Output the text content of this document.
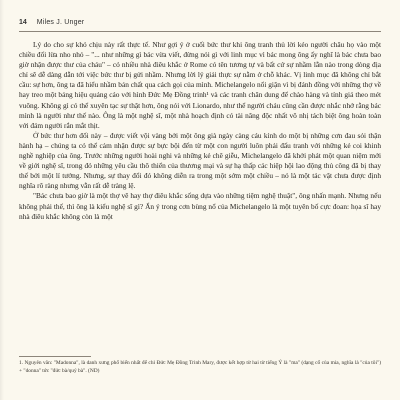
14 Miles J. Unger

Lý do cho sự khó chịu này rất thực tế. Như gợi ý ở cuối bức thư khi ông tranh thủ lời kéo người châu họ vào một chiều đối lừa nho nhỏ – "... như những gì bác vừa viết, đừng nói gì với linh mục vì bác mong ông ấy nghĩ là bác chưa bao giờ nhận được thư của cháu" – có nhiều nhà điêu khắc ở Rome có tên tương tự và bất cứ sự nhầm lẫn nào trong dòng địa chỉ sẽ dễ dàng dẫn tới việc bức thư bị gửi nhầm. Nhưng lời lý giải thực sự nằm ở chỗ khác. Vị linh mục đã không chỉ bắt cầu: sự hơn, ông ta đã hiểu nhầm bản chất qua cách gọi của mình. Michelangelo nổi giận vì bị đánh đồng với những thợ về hay treo một bảng hiệu quảng cáo với hình Đức Mẹ Đồng trinh¹ và các tranh chân dung để chào hàng và tính giá theo mét vuông. Không gì có thể xuyên tạc sự thật hơn, ông nói với Lionardo, như thể người cháu cũng cần được nhắc nhớ rằng bác mình là người như thế nào. Ông là một nghệ sĩ, một nhà hoạch định có tài năng độc nhất vô nhị tách biệt ông hoàn toàn với đám người rắn mắt thịt.

Ở bức thư hơn đối này – được viết vội vàng bởi một ông già ngày càng cáu kỉnh do một bị những cơn đau sỏi thận hành hạ – chúng ta có thể cảm nhận được sự bực bội đến từ một con người luôn phải đấu tranh với những kẻ coi khinh nghề nghiệp của ông. Trước những người hoài nghi và những kẻ chê giễu, Michelangelo đã khởi phát một quan niệm mới về giới nghệ sĩ, trong đó những yêu cầu thô thiển của thương mại và sự hạ thấp các hiệp hội lao động thủ công đã bị thay thế bởi một lí tưởng. Nhưng, sự thay đổi đó không diễn ra trong một sớm một chiều – nó là một tác vật chưa được định nghĩa rõ ràng nhưng vẫn rất dễ tràng lệ.

"Bác chưa bao giờ là một thợ vẽ hay thợ điêu khắc sống dựa vào những tiệm nghệ thuật", ông nhấn mạnh. Nhưng nếu không phải thế, thì ông là kiểu nghệ sĩ gì? Ẩn ý trong cơn bùng nổ của Michelangelo là một tuyên bố cực đoan: họa sĩ hay nhà điêu khắc không còn là một

1. Nguyên văn: "Madonna", là danh xưng phổ biến nhất để chỉ Đức Mẹ Đồng Trinh Mary, được kết hợp từ hai từ tiếng Ý là "ma" (dạng cổ của mia, nghĩa là "của tôi") + "donna" tức "đức bà/quý bà". (ND)
